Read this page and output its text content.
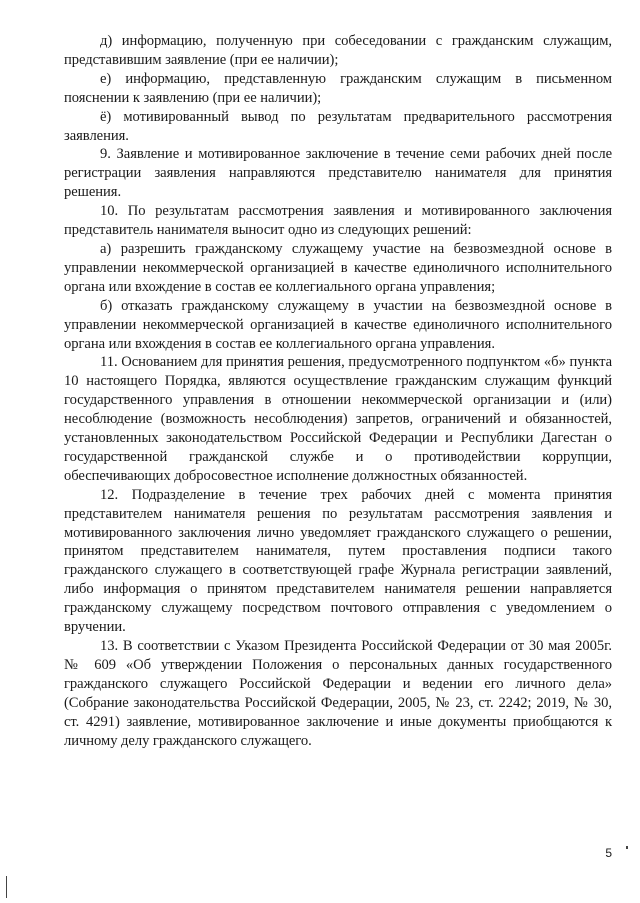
д) информацию, полученную при собеседовании с гражданским служащим, представившим заявление (при ее наличии);

е) информацию, представленную гражданским служащим в письменном пояснении к заявлению (при ее наличии);

ё) мотивированный вывод по результатам предварительного рассмотрения заявления.

9. Заявление и мотивированное заключение в течение семи рабочих дней после регистрации заявления направляются представителю нанимателя для принятия решения.

10. По результатам рассмотрения заявления и мотивированного заключения представитель нанимателя выносит одно из следующих решений:

а) разрешить гражданскому служащему участие на безвозмездной основе в управлении некоммерческой организацией в качестве единоличного исполнительного органа или вхождение в состав ее коллегиального органа управления;

б) отказать гражданскому служащему в участии на безвозмездной основе в управлении некоммерческой организацией в качестве единоличного исполнительного органа или вхождения в состав ее коллегиального органа управления.

11. Основанием для принятия решения, предусмотренного подпунктом «б» пункта 10 настоящего Порядка, являются осуществление гражданским служащим функций государственного управления в отношении некоммерческой организации и (или) несоблюдение (возможность несоблюдения) запретов, ограничений и обязанностей, установленных законодательством Российской Федерации и Республики Дагестан о государственной гражданской службе и о противодействии коррупции, обеспечивающих добросовестное исполнение должностных обязанностей.

12. Подразделение в течение трех рабочих дней с момента принятия представителем нанимателя решения по результатам рассмотрения заявления и мотивированного заключения лично уведомляет гражданского служащего о решении, принятом представителем нанимателя, путем проставления подписи такого гражданского служащего в соответствующей графе Журнала регистрации заявлений, либо информация о принятом представителем нанимателя решении направляется гражданскому служащему посредством почтового отправления с уведомлением о вручении.

13. В соответствии с Указом Президента Российской Федерации от 30 мая 2005г. № 609 «Об утверждении Положения о персональных данных государственного гражданского служащего Российской Федерации и ведении его личного дела» (Собрание законодательства Российской Федерации, 2005, № 23, ст. 2242; 2019, № 30, ст. 4291) заявление, мотивированное заключение и иные документы приобщаются к личному делу гражданского служащего.

5
